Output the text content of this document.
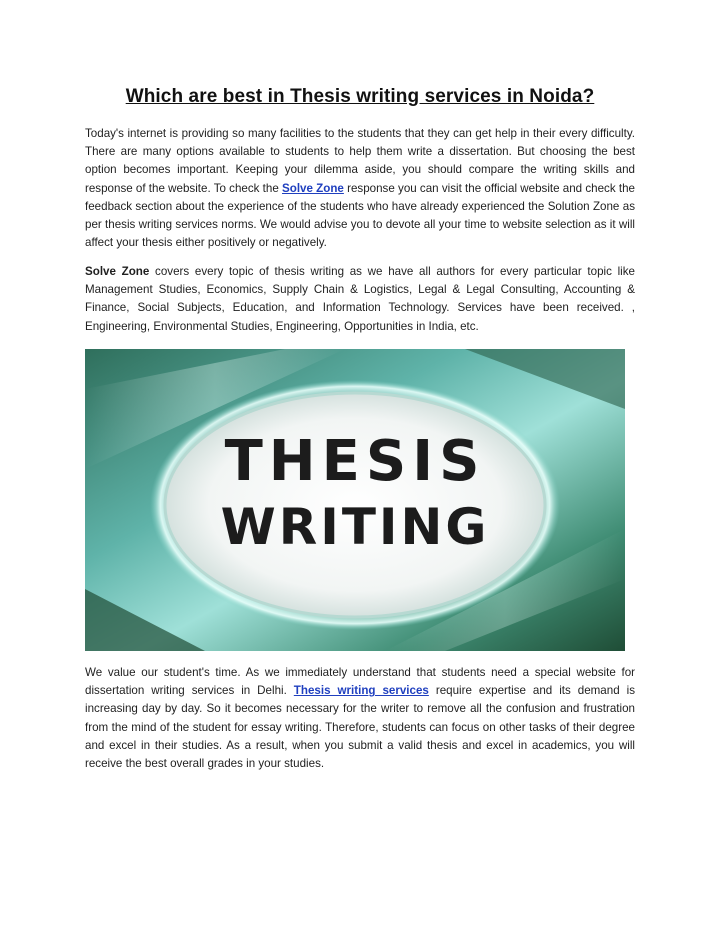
Which are best in Thesis writing services in Noida?
Today's internet is providing so many facilities to the students that they can get help in their every difficulty. There are many options available to students to help them write a dissertation. But choosing the best option becomes important. Keeping your dilemma aside, you should compare the writing skills and response of the website. To check the Solve Zone response you can visit the official website and check the feedback section about the experience of the students who have already experienced the Solution Zone as per thesis writing services norms. We would advise you to devote all your time to website selection as it will affect your thesis either positively or negatively.
Solve Zone covers every topic of thesis writing as we have all authors for every particular topic like Management Studies, Economics, Supply Chain & Logistics, Legal & Legal Consulting, Accounting & Finance, Social Subjects, Education, and Information Technology. Services have been received. , Engineering, Environmental Studies, Engineering, Opportunities in India, etc.
THESIS
WRITING
We value our student's time. As we immediately understand that students need a special website for dissertation writing services in Delhi. Thesis writing services require expertise and its demand is increasing day by day. So it becomes necessary for the writer to remove all the confusion and frustration from the mind of the student for essay writing. Therefore, students can focus on other tasks of their degree and excel in their studies. As a result, when you submit a valid thesis and excel in academics, you will receive the best overall grades in your studies.
